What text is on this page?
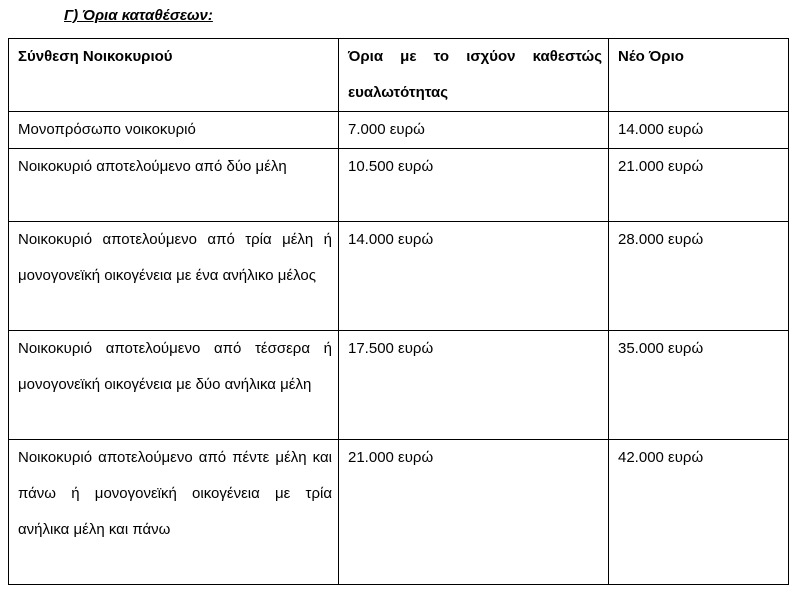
Γ) Όρια καταθέσεων:
Σύνθεση Νοικοκυριού	Όρια με το ισχύον καθεστώς ευαλωτότητας	Νέο Όριο
Μονοπρόσωπο νοικοκυριό	7.000 ευρώ	14.000 ευρώ
Νοικοκυριό αποτελούμενο από δύο μέλη	10.500 ευρώ	21.000 ευρώ
Νοικοκυριό αποτελούμενο από τρία μέλη ή μονογονεϊκή οικογένεια με ένα ανήλικο μέλος	14.000 ευρώ	28.000 ευρώ
Νοικοκυριό αποτελούμενο από τέσσερα ή μονογονεϊκή οικογένεια με δύο ανήλικα μέλη	17.500 ευρώ	35.000 ευρώ
Νοικοκυριό αποτελούμενο από πέντε μέλη και πάνω ή μονογονεϊκή οικογένεια με τρία ανήλικα μέλη και πάνω	21.000 ευρώ	42.000 ευρώ
